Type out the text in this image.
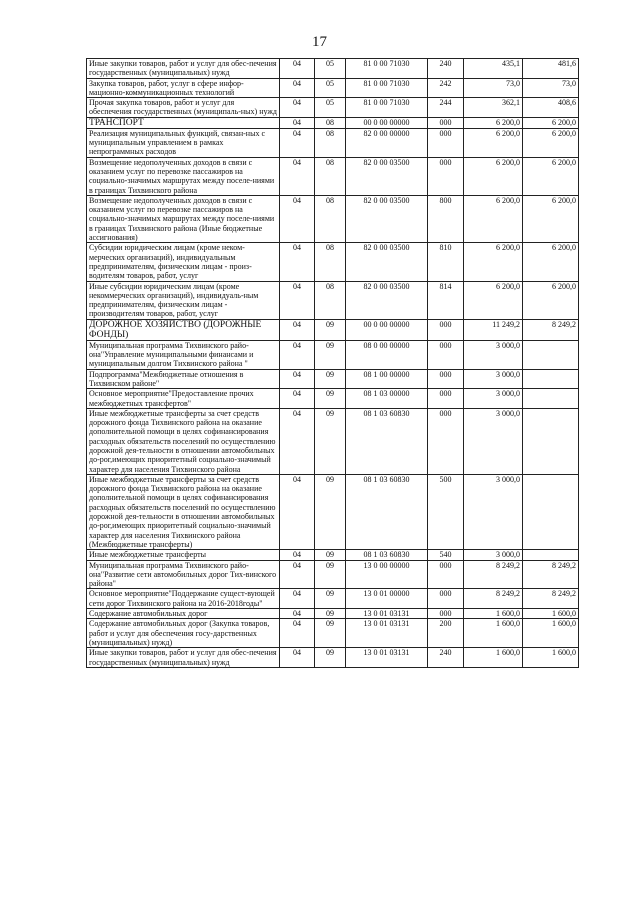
17
Иные закупки товаров, работ и услуг для обес-печения государственных (муниципальных) нужд	04	05	81 0 00 71030	240	435,1	481,6
Закупка товаров, работ, услуг в сфере инфор-мационно-коммуникационных технологий	04	05	81 0 00 71030	242	73,0	73,0
Прочая закупка товаров, работ и услуг для обеспечения государственных (муниципаль-ных) нужд	04	05	81 0 00 71030	244	362,1	408,6
ТРАНСПОРТ	04	08	00 0 00 00000	000	6 200,0	6 200,0
Реализация муниципальных функций, связан-ных с муниципальным управлением в рамках непрограммных расходов	04	08	82 0 00 00000	000	6 200,0	6 200,0
Возмещение недополученных доходов в связи с оказанием услуг по перевозке пассажиров на социально-значимых маршрутах между поселе-ниями в границах Тихвинского района	04	08	82 0 00 03500	000	6 200,0	6 200,0
Возмещение недополученных доходов в связи с оказанием услуг по перевозке пассажиров на социально-значимых маршрутах между поселе-ниями в границах Тихвинского района (Иные бюджетные ассигнования)	04	08	82 0 00 03500	800	6 200,0	6 200,0
Субсидии юридическим лицам (кроме неком-мерческих организаций), индивидуальным предпринимателям, физическим лицам - произ-водителям товаров, работ, услуг	04	08	82 0 00 03500	810	6 200,0	6 200,0
Иные субсидии юридическим лицам (кроме некоммерческих организаций), индивидуаль-ным предпринимателям, физическим лицам - производителям товаров, работ, услуг	04	08	82 0 00 03500	814	6 200,0	6 200,0
ДОРОЖНОЕ ХОЗЯЙСТВО (ДОРОЖНЫЕ ФОНДЫ)	04	09	00 0 00 00000	000	11 249,2	8 249,2
Муниципальная программа Тихвинского райо-она"Управление муниципальными финансами и муниципальным долгом Тихвинского района "	04	09	08 0 00 00000	000	3 000,0	
Подпрограмма"Межбюджетные отношения в Тихвинском районе"	04	09	08 1 00 00000	000	3 000,0	
Основное мероприятие"Предоставление прочих межбюджетных трансфертов"	04	09	08 1 03 00000	000	3 000,0	
Иные межбюджетные трансферты за счет средств дорожного фонда Тихвинского района на оказание дополнительной помощи в целях софинансирования расходных обязательств поселений по осуществлению дорожной дея-тельности в отношении автомобильных до-рог,имеющих приоритетный социально-значимый характер для населения Тихвинского района	04	09	08 1 03 60830	000	3 000,0	
Иные межбюджетные трансферты за счет средств дорожного фонда Тихвинского района на оказание дополнительной помощи в целях софинансирования расходных обязательств поселений по осуществлению дорожной дея-тельности в отношении автомобильных до-рог,имеющих приоритетный социально-значимый характер для населения Тихвинского района (Межбюджетные трансферты)	04	09	08 1 03 60830	500	3 000,0	
Иные межбюджетные трансферты	04	09	08 1 03 60830	540	3 000,0	
Муниципальная программа Тихвинского райо-она"Развитие сети автомобильных дорог Тих-винского района"	04	09	13 0 00 00000	000	8 249,2	8 249,2
Основное мероприятие"Поддержание сущест-вующей сети дорог Тихвинского района на 2016-2018годы"	04	09	13 0 01 00000	000	8 249,2	8 249,2
Содержание автомобильных дорог	04	09	13 0 01 03131	000	1 600,0	1 600,0
Содержание автомобильных дорог (Закупка товаров, работ и услуг для обеспечения госу-дарственных (муниципальных) нужд)	04	09	13 0 01 03131	200	1 600,0	1 600,0
Иные закупки товаров, работ и услуг для обес-печения государственных (муниципальных) нужд	04	09	13 0 01 03131	240	1 600,0	1 600,0
